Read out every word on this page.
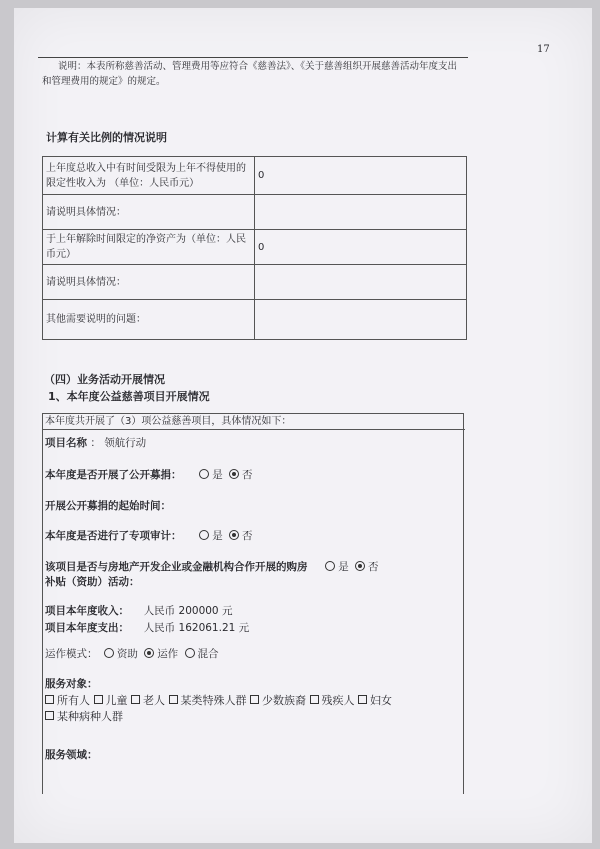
17
说明：本表所称慈善活动、管理费用等应符合《慈善法》、《关于慈善组织开展慈善活动年度支出
和管理费用的规定》的规定。
计算有关比例的情况说明
上年度总收入中有时间受限为上年不得使用的限定性收入为 （单位：人民币元）	0
请说明具体情况：	
于上年解除时间限定的净资产为（单位：人民币元）	0
请说明具体情况：	
其他需要说明的问题：	
（四）业务活动开展情况
1、本年度公益慈善项目开展情况
本年度共开展了（3）项公益慈善项目，具体情况如下：
项目名称 ： 领航行动
本年度是否开展了公开募捐：	是 否
开展公开募捐的起始时间：
本年度是否进行了专项审计：	是 否
该项目是否与房地产开发企业或金融机构合作开展的购房	是 否
补贴（资助）活动：
项目本年度收入： 人民币 200000 元
项目本年度支出： 人民币 162061.21 元
运作模式： 资助 运作 混合
服务对象：
所有人 儿童 老人 某类特殊人群 少数族裔 残疾人 妇女
某种病种人群
服务领域：
